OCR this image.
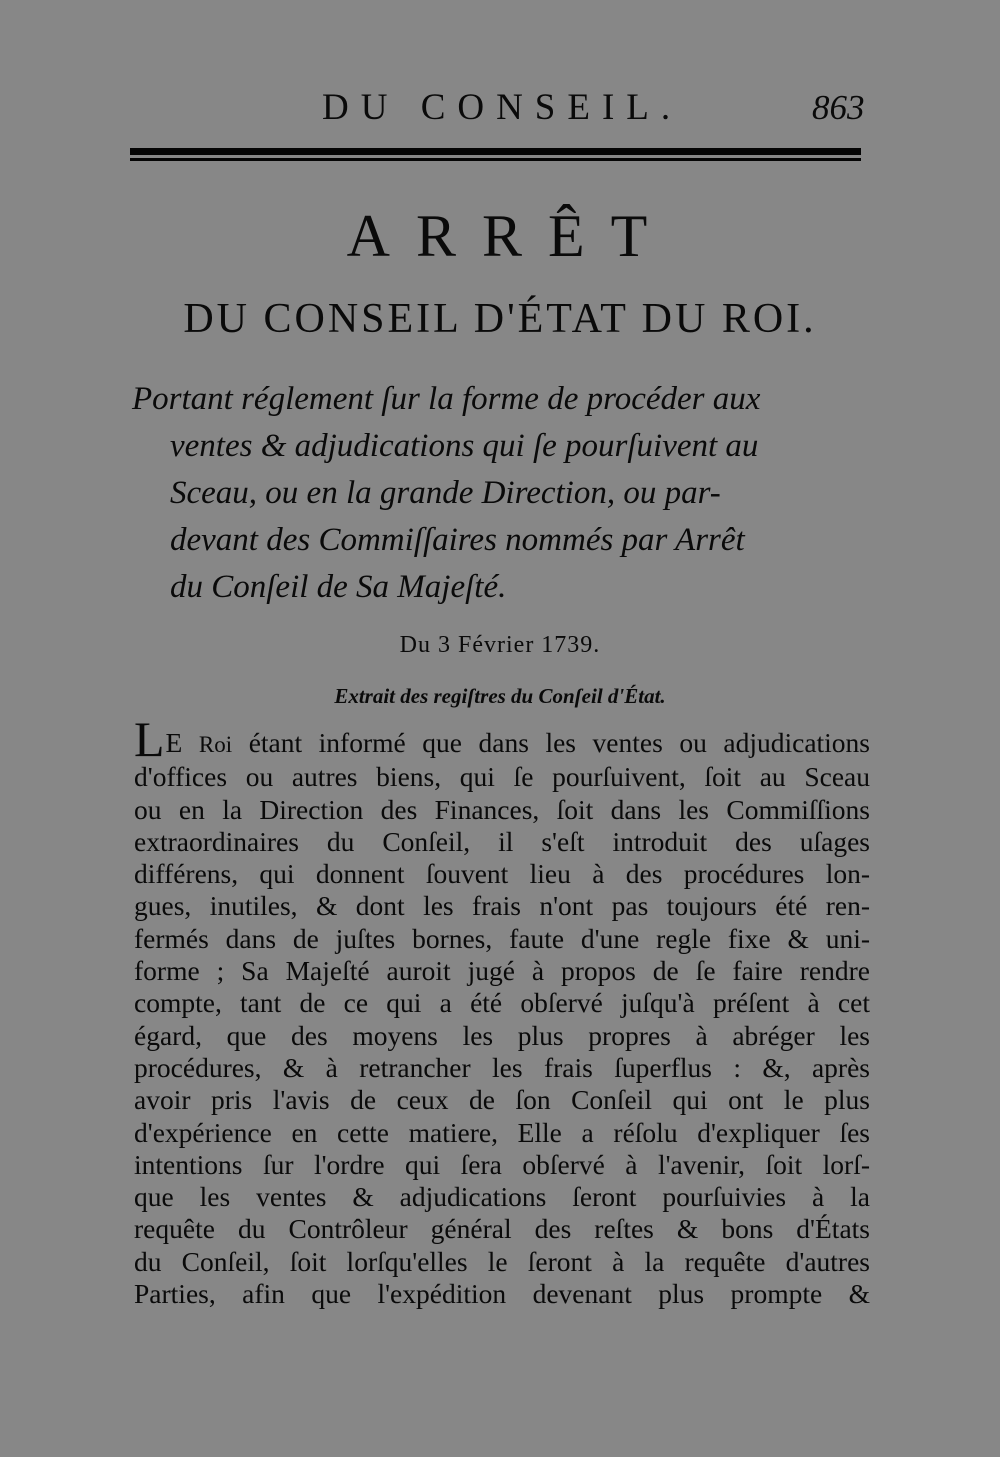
DU CONSEIL.	863
ARRÊT
DU CONSEIL D'ÉTAT DU ROI.
Portant réglement ſur la forme de procéder aux
ventes & adjudications qui ſe pourſuivent au
Sceau, ou en la grande Direction, ou par-
devant des Commiſſaires nommés par Arrêt
du Conſeil de Sa Majeſté.
Du 3 Février 1739.
Extrait des regiſtres du Conſeil d'État.
LE Roi étant informé que dans les ventes ou adjudications
d'offices ou autres biens, qui ſe pourſuivent, ſoit au Sceau
ou en la Direction des Finances, ſoit dans les Commiſſions
extraordinaires du Conſeil, il s'eſt introduit des uſages
différens, qui donnent ſouvent lieu à des procédures lon-
gues, inutiles, & dont les frais n'ont pas toujours été ren-
fermés dans de juſtes bornes, faute d'une regle fixe & uni-
forme ; Sa Majeſté auroit jugé à propos de ſe faire rendre
compte, tant de ce qui a été obſervé juſqu'à préſent à cet
égard, que des moyens les plus propres à abréger les
procédures, & à retrancher les frais ſuperflus : &, après
avoir pris l'avis de ceux de ſon Conſeil qui ont le plus
d'expérience en cette matiere, Elle a réſolu d'expliquer ſes
intentions ſur l'ordre qui ſera obſervé à l'avenir, ſoit lorſ-
que les ventes & adjudications ſeront pourſuivies à la
requête du Contrôleur général des reſtes & bons d'États
du Conſeil, ſoit lorſqu'elles le ſeront à la requête d'autres
Parties, afin que l'expédition devenant plus prompte &
